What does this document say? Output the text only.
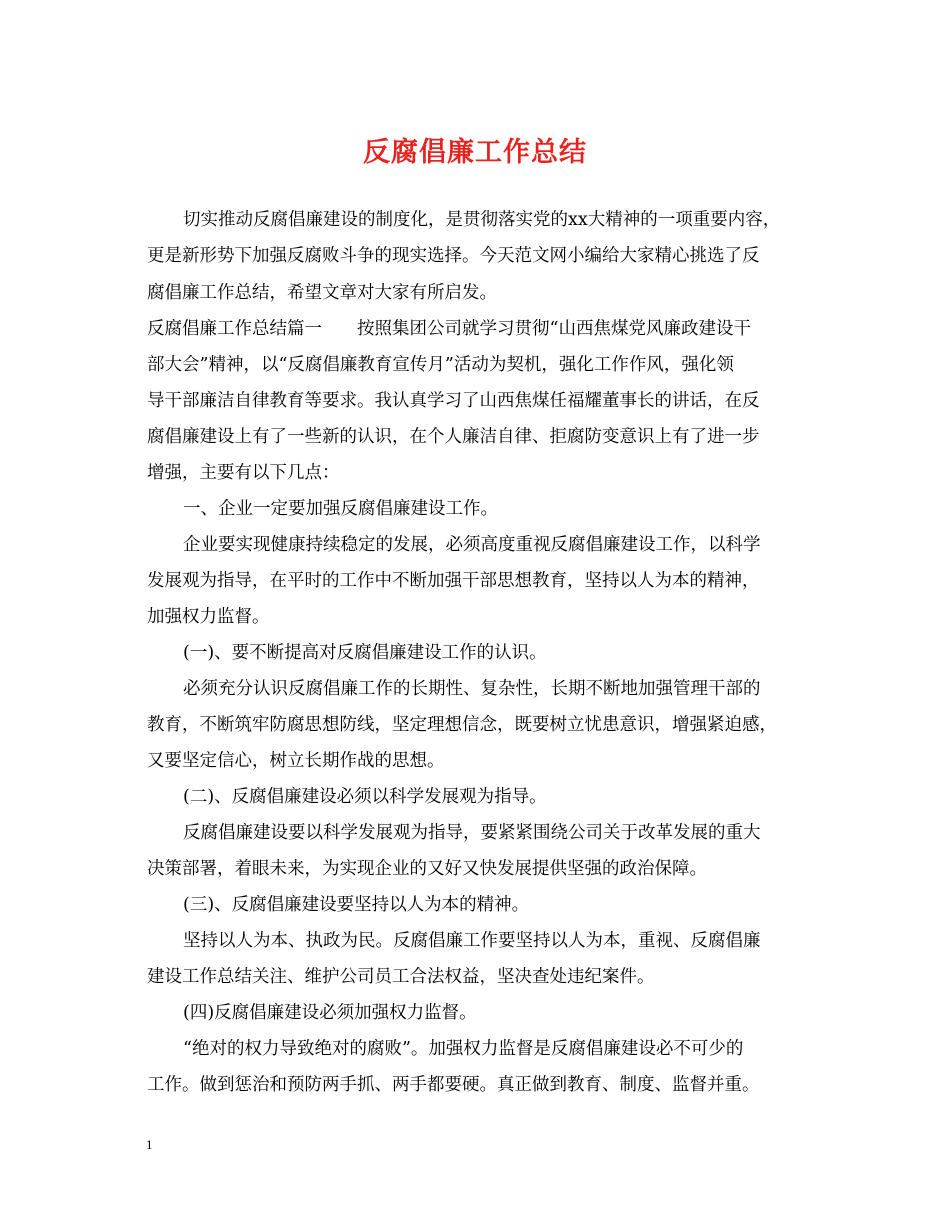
反腐倡廉工作总结
切实推动反腐倡廉建设的制度化，是贯彻落实党的xx大精神的一项重要内容，
更是新形势下加强反腐败斗争的现实选择。今天范文网小编给大家精心挑选了反
腐倡廉工作总结，希望文章对大家有所启发。
反腐倡廉工作总结篇一　　按照集团公司就学习贯彻“山西焦煤党风廉政建设干
部大会”精神，以“反腐倡廉教育宣传月”活动为契机，强化工作作风，强化领
导干部廉洁自律教育等要求。我认真学习了山西焦煤任福耀董事长的讲话，在反
腐倡廉建设上有了一些新的认识，在个人廉洁自律、拒腐防变意识上有了进一步
增强，主要有以下几点：
一、企业一定要加强反腐倡廉建设工作。
企业要实现健康持续稳定的发展，必须高度重视反腐倡廉建设工作，以科学
发展观为指导，在平时的工作中不断加强干部思想教育，坚持以人为本的精神，
加强权力监督。
(一)、要不断提高对反腐倡廉建设工作的认识。
必须充分认识反腐倡廉工作的长期性、复杂性，长期不断地加强管理干部的
教育，不断筑牢防腐思想防线，坚定理想信念，既要树立忧患意识，增强紧迫感，
又要坚定信心，树立长期作战的思想。
(二)、反腐倡廉建设必须以科学发展观为指导。
反腐倡廉建设要以科学发展观为指导，要紧紧围绕公司关于改革发展的重大
决策部署，着眼未来，为实现企业的又好又快发展提供坚强的政治保障。
(三)、反腐倡廉建设要坚持以人为本的精神。
坚持以人为本、执政为民。反腐倡廉工作要坚持以人为本，重视、反腐倡廉
建设工作总结关注、维护公司员工合法权益，坚决查处违纪案件。
(四)反腐倡廉建设必须加强权力监督。
“绝对的权力导致绝对的腐败”。加强权力监督是反腐倡廉建设必不可少的
工作。做到惩治和预防两手抓、两手都要硬。真正做到教育、制度、监督并重。
1
